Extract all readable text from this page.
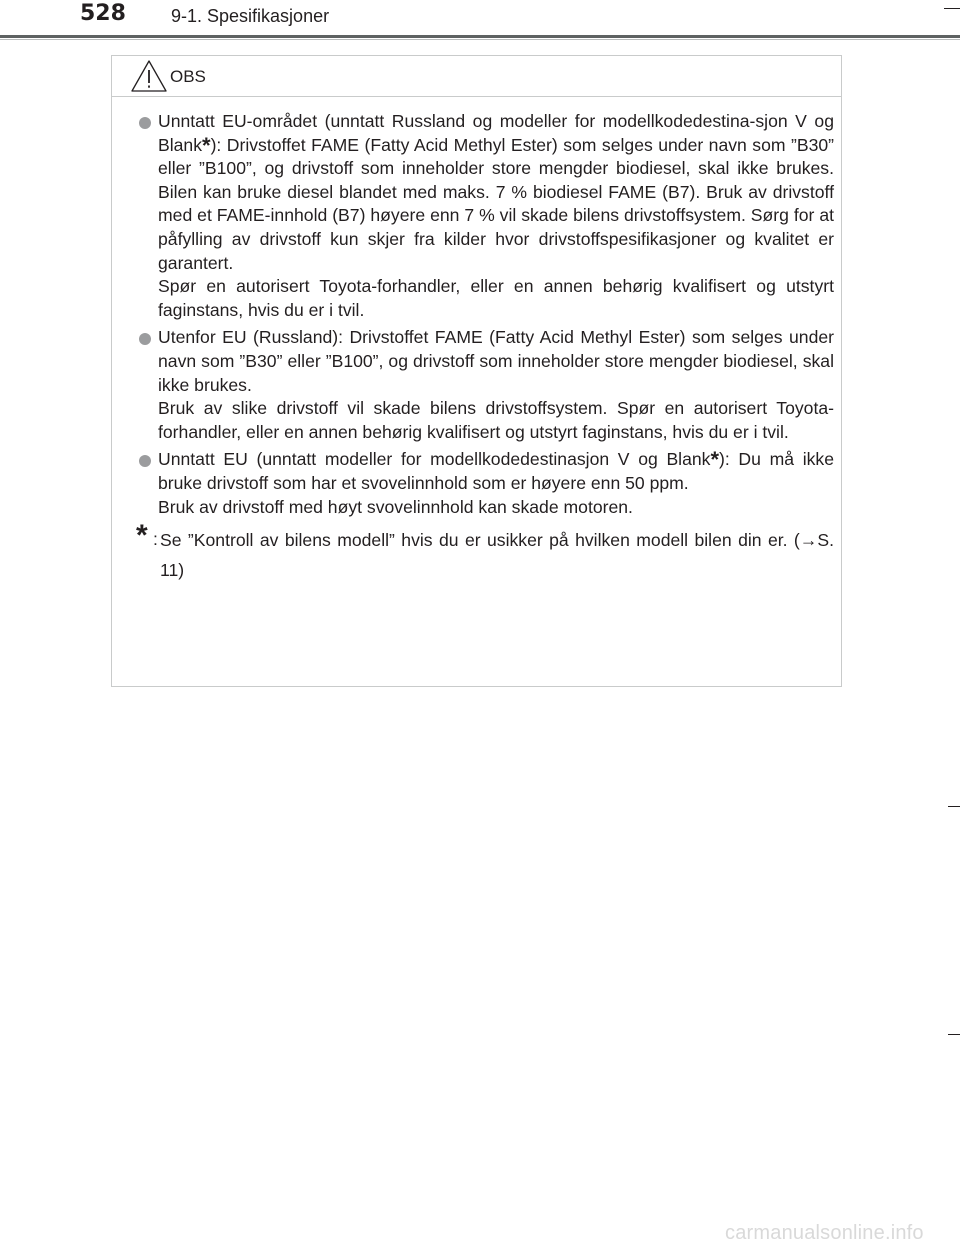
528	9-1. Spesifikasjoner
OBS

Unntatt EU-området (unntatt Russland og modeller for modellkodedestina-sjon V og Blank*): Drivstoffet FAME (Fatty Acid Methyl Ester) som selges under navn som ”B30” eller ”B100”, og drivstoff som inneholder store mengder biodiesel, skal ikke brukes. Bilen kan bruke diesel blandet med maks. 7 % biodiesel FAME (B7). Bruk av drivstoff med et FAME-innhold (B7) høyere enn 7 % vil skade bilens drivstoffsystem. Sørg for at påfylling av drivstoff kun skjer fra kilder hvor drivstoffspesifikasjoner og kvalitet er garantert.

Spør en autorisert Toyota-forhandler, eller en annen behørig kvalifisert og utstyrt faginstans, hvis du er i tvil.

Utenfor EU (Russland): Drivstoffet FAME (Fatty Acid Methyl Ester) som selges under navn som ”B30” eller ”B100”, og drivstoff som inneholder store mengder biodiesel, skal ikke brukes.

Bruk av slike drivstoff vil skade bilens drivstoffsystem. Spør en autorisert Toyota-forhandler, eller en annen behørig kvalifisert og utstyrt faginstans, hvis du er i tvil.

Unntatt EU (unntatt modeller for modellkodedestinasjon V og Blank*): Du må ikke bruke drivstoff som har et svovelinnhold som er høyere enn 50 ppm.

Bruk av drivstoff med høyt svovelinnhold kan skade motoren.

* : Se ”Kontroll av bilens modell” hvis du er usikker på hvilken modell bilen din er. (→S. 11)

carmanualsonline.info
